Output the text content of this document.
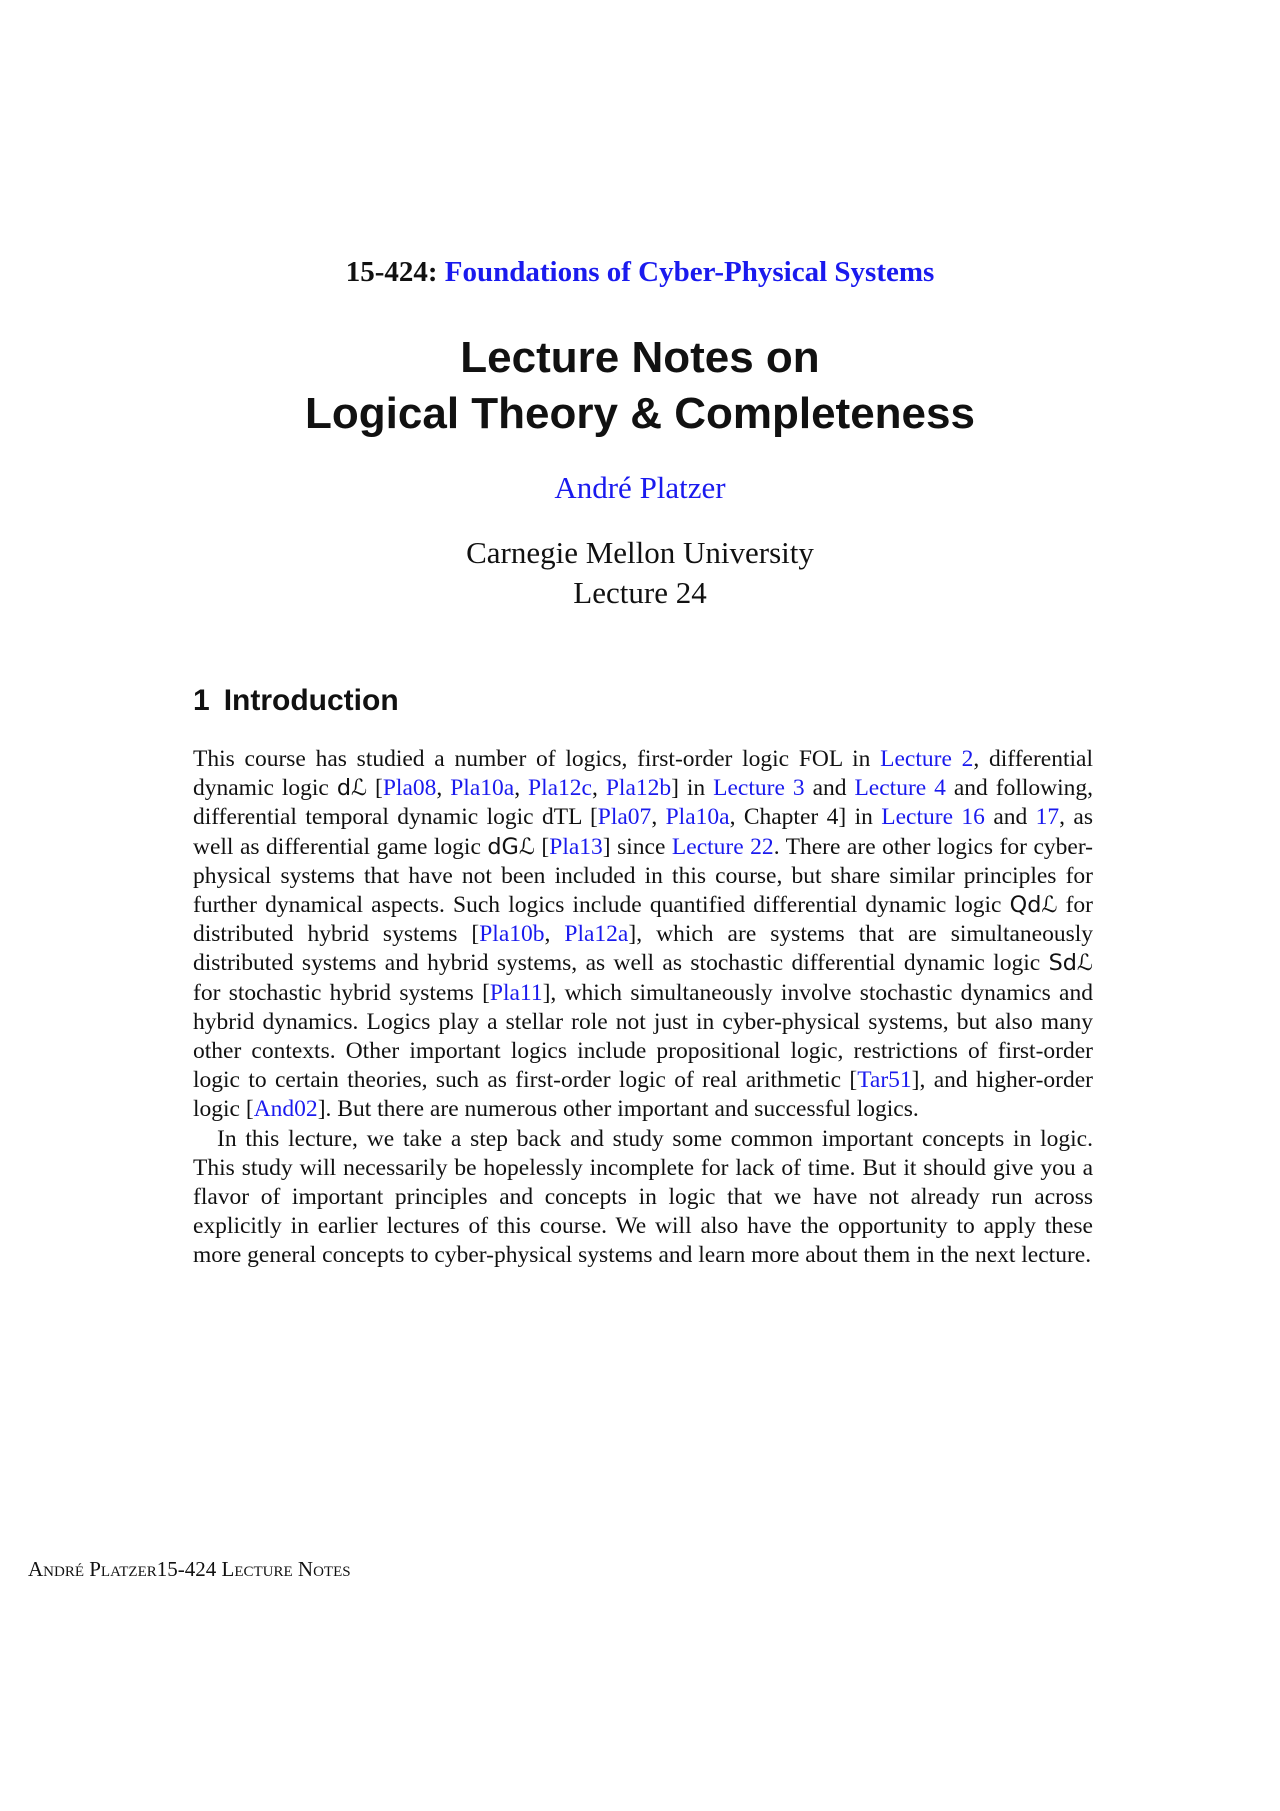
15-424: Foundations of Cyber-Physical Systems
Lecture Notes on
Logical Theory & Completeness
André Platzer
Carnegie Mellon University
Lecture 24
1 Introduction

This course has studied a number of logics, first-order logic FOL in Lecture 2, differential dynamic logic dℒ [Pla08, Pla10a, Pla12c, Pla12b] in Lecture 3 and Lecture 4 and following, differential temporal dynamic logic dTL [Pla07, Pla10a, Chapter 4] in Lecture 16 and 17, as well as differential game logic dGℒ [Pla13] since Lecture 22. There are other logics for cyber-physical systems that have not been included in this course, but share similar principles for further dynamical aspects. Such logics include quantified differential dynamic logic Qdℒ for distributed hybrid systems [Pla10b, Pla12a], which are systems that are simultaneously distributed systems and hybrid systems, as well as stochastic differential dynamic logic Sdℒ for stochastic hybrid systems [Pla11], which simultaneously involve stochastic dynamics and hybrid dynamics. Logics play a stellar role not just in cyber-physical systems, but also many other contexts. Other important logics include propositional logic, restrictions of first-order logic to certain theories, such as first-order logic of real arithmetic [Tar51], and higher-order logic [And02]. But there are numerous other important and successful logics.

In this lecture, we take a step back and study some common important concepts in logic. This study will necessarily be hopelessly incomplete for lack of time. But it should give you a flavor of important principles and concepts in logic that we have not already run across explicitly in earlier lectures of this course. We will also have the opportunity to apply these more general concepts to cyber-physical systems and learn more about them in the next lecture.

André Platzer15-424 Lecture Notes
